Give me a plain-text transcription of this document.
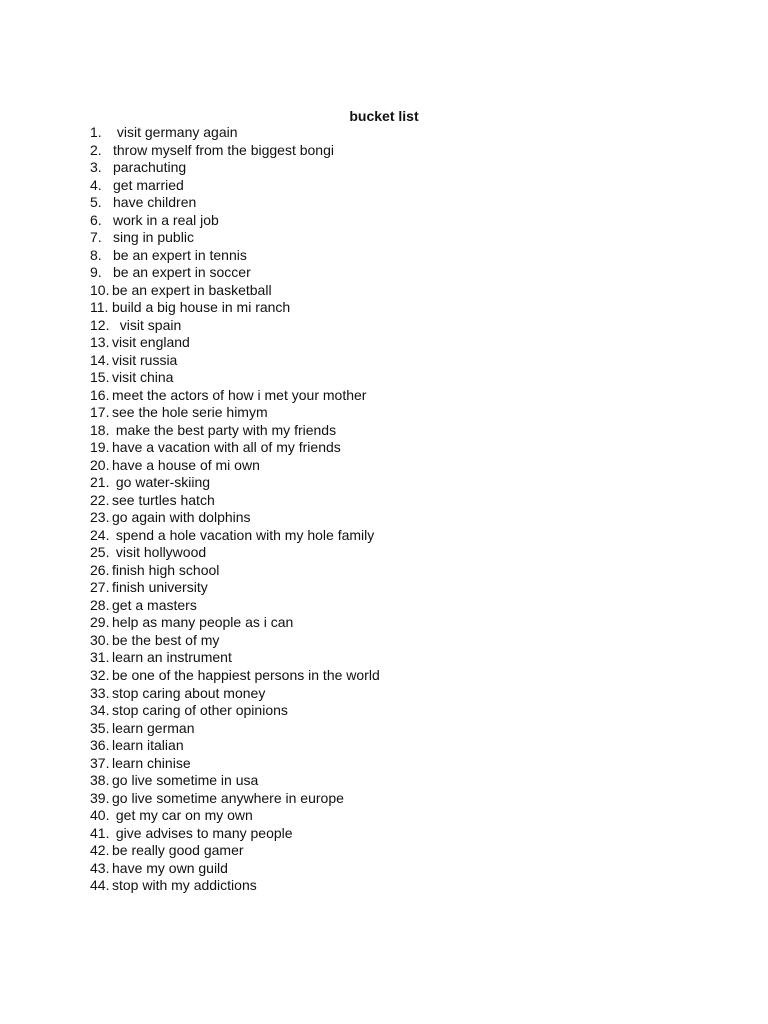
bucket list
1. visit germany again
2. throw myself from the biggest bongi
3. parachuting
4. get married
5. have children
6. work in a real job
7. sing in public
8. be an expert in tennis
9. be an expert in soccer
10. be an expert in basketball
11. build a big house in mi ranch
12. visit spain
13. visit england
14. visit russia
15. visit china
16. meet the actors of how i met your mother
17. see the hole serie himym
18. make the best party with my friends
19. have a vacation with all of my friends
20. have a house of mi own
21. go water-skiing
22. see turtles hatch
23. go again with dolphins
24. spend a hole vacation with my hole family
25. visit hollywood
26. finish high school
27. finish university
28. get a masters
29. help as many people as i can
30. be the best of my
31. learn an instrument
32. be one of the happiest persons in the world
33. stop caring about money
34. stop caring of other opinions
35. learn german
36. learn italian
37. learn chinise
38. go live sometime in usa
39. go live sometime anywhere in europe
40. get my car on my own
41. give advises to many people
42. be really good gamer
43. have my own guild
44. stop with my addictions
